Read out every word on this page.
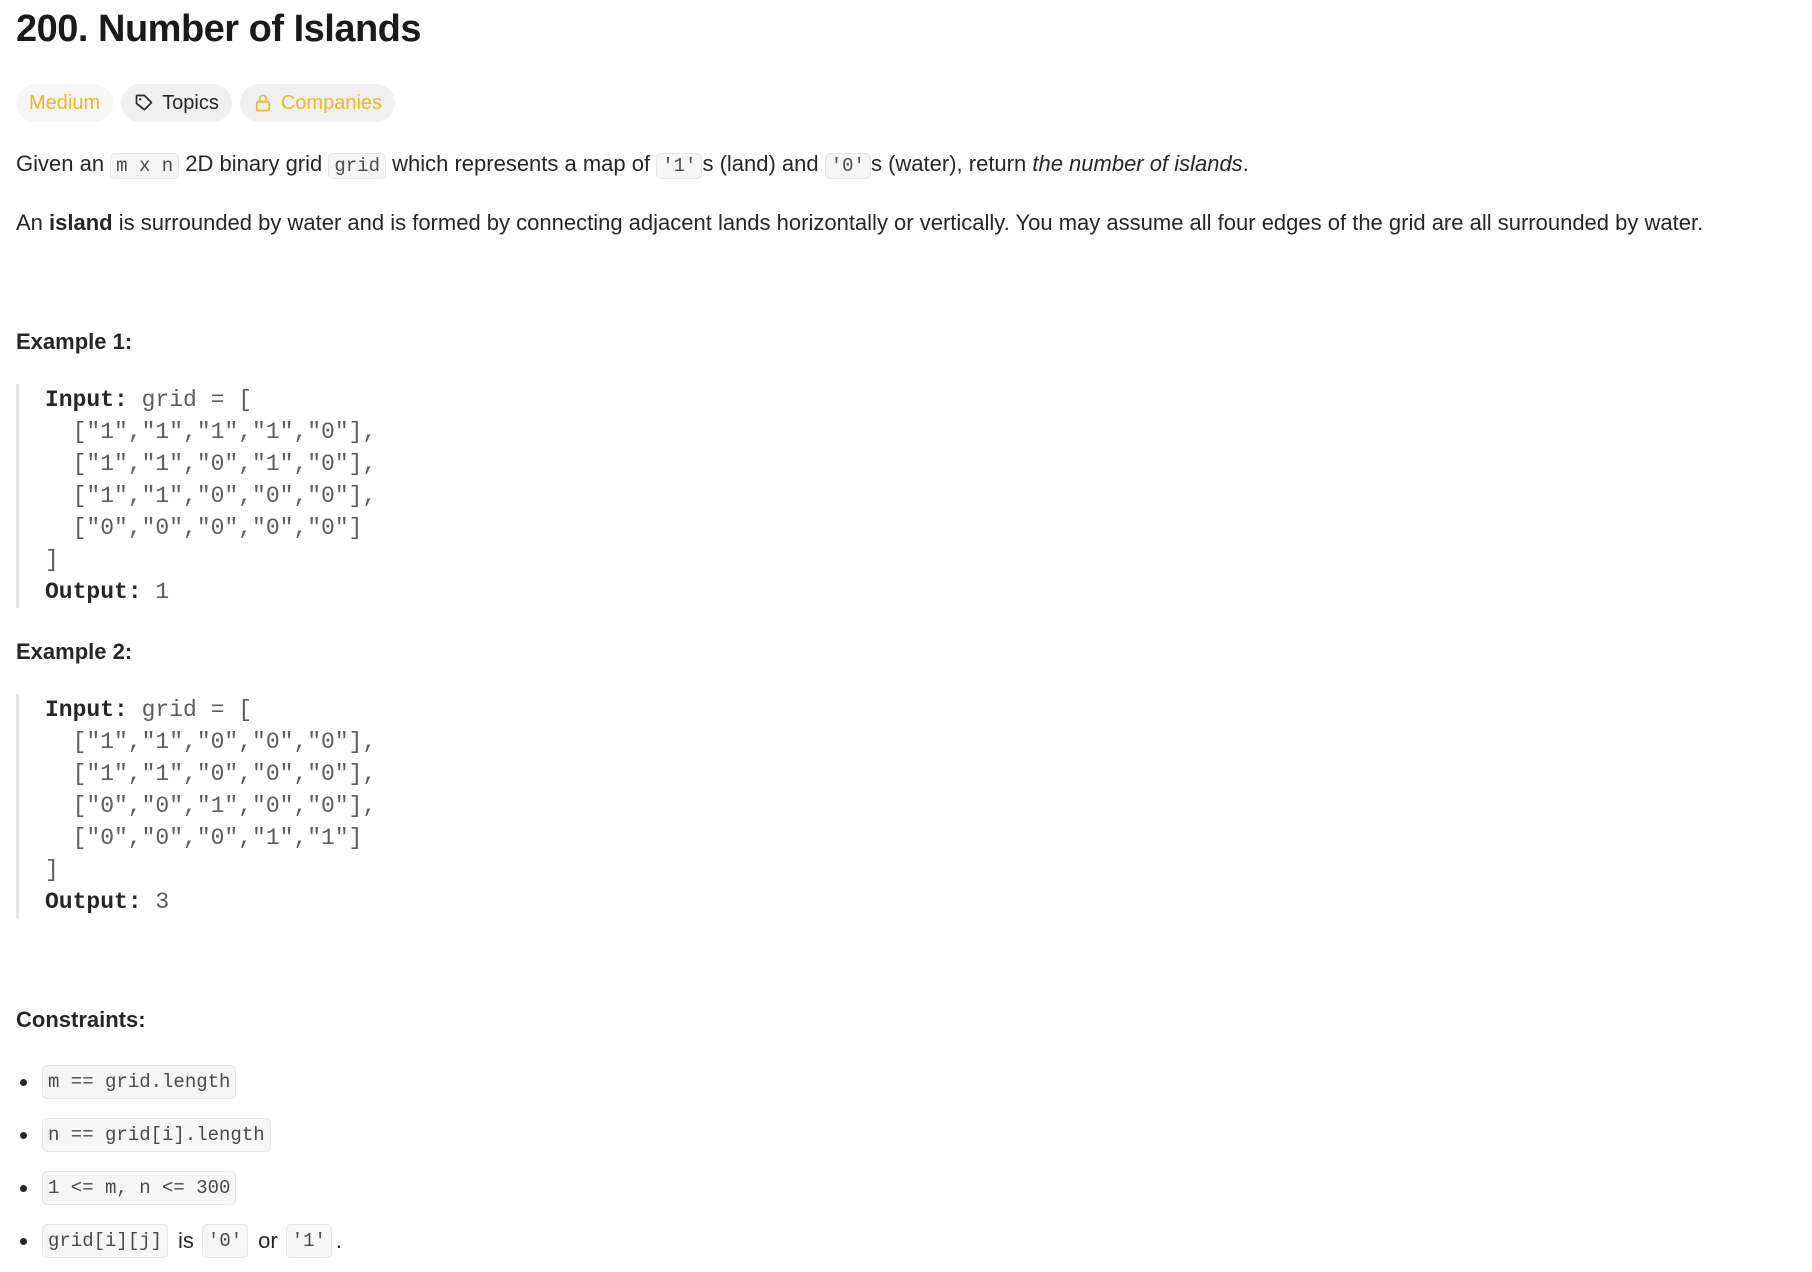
200. Number of Islands
Medium	Topics	Companies

Given an m x n 2D binary grid grid which represents a map of '1' s (land) and '0' s (water), return the number of islands.

An island is surrounded by water and is formed by connecting adjacent lands horizontally or vertically. You may assume all four edges of the grid are all surrounded by water.

Example 1:
Input: grid = [
["1","1","1","1","0"],
["1","1","0","1","0"],
["1","1","0","0","0"],
["0","0","0","0","0"]
]
Output: 1
Example 2:
Input: grid = [
["1","1","0","0","0"],
["1","1","0","0","0"],
["0","0","1","0","0"],
["0","0","0","1","1"]
]
Output: 3
Constraints:
m == grid.length
n == grid[i].length
1 <= m, n <= 300
grid[i][j] is '0' or '1' .
